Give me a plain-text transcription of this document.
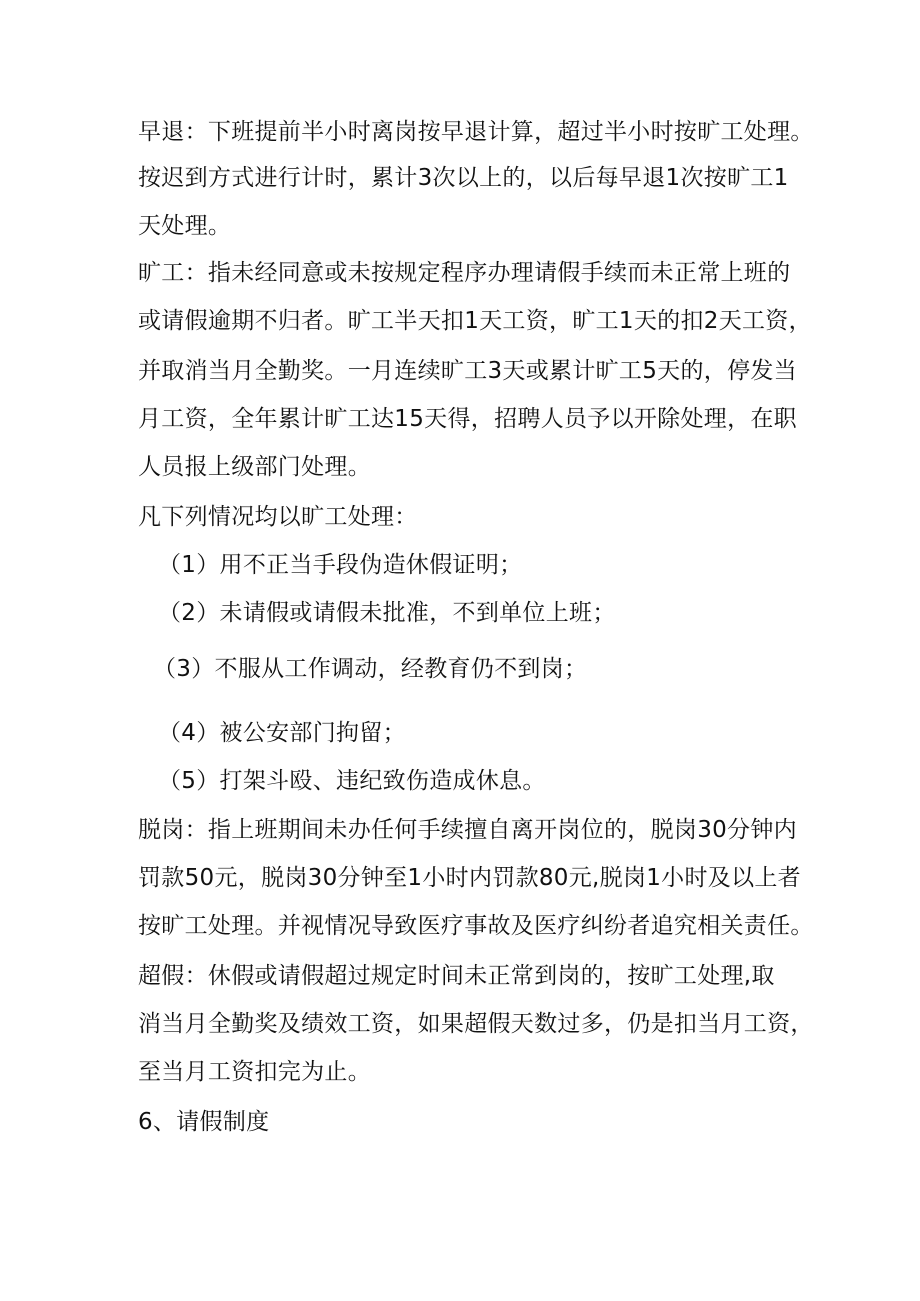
早退：下班提前半小时离岗按早退计算，超过半小时按旷工处理。
按迟到方式进行计时，累计3次以上的，以后每早退1次按旷工1
天处理。
旷工：指未经同意或未按规定程序办理请假手续而未正常上班的
或请假逾期不归者。旷工半天扣1天工资，旷工1天的扣2天工资，
并取消当月全勤奖。一月连续旷工3天或累计旷工5天的，停发当
月工资，全年累计旷工达15天得，招聘人员予以开除处理，在职
人员报上级部门处理。
凡下列情况均以旷工处理：
（1）用不正当手段伪造休假证明；
（2）未请假或请假未批准，不到单位上班；
（3）不服从工作调动，经教育仍不到岗；
（4）被公安部门拘留；
（5）打架斗殴、违纪致伤造成休息。
脱岗：指上班期间未办任何手续擅自离开岗位的，脱岗30分钟内
罚款50元，脱岗30分钟至1小时内罚款80元,脱岗1小时及以上者
按旷工处理。并视情况导致医疗事故及医疗纠纷者追究相关责任。
超假：休假或请假超过规定时间未正常到岗的，按旷工处理,取
消当月全勤奖及绩效工资，如果超假天数过多，仍是扣当月工资，
至当月工资扣完为止。
6、请假制度
